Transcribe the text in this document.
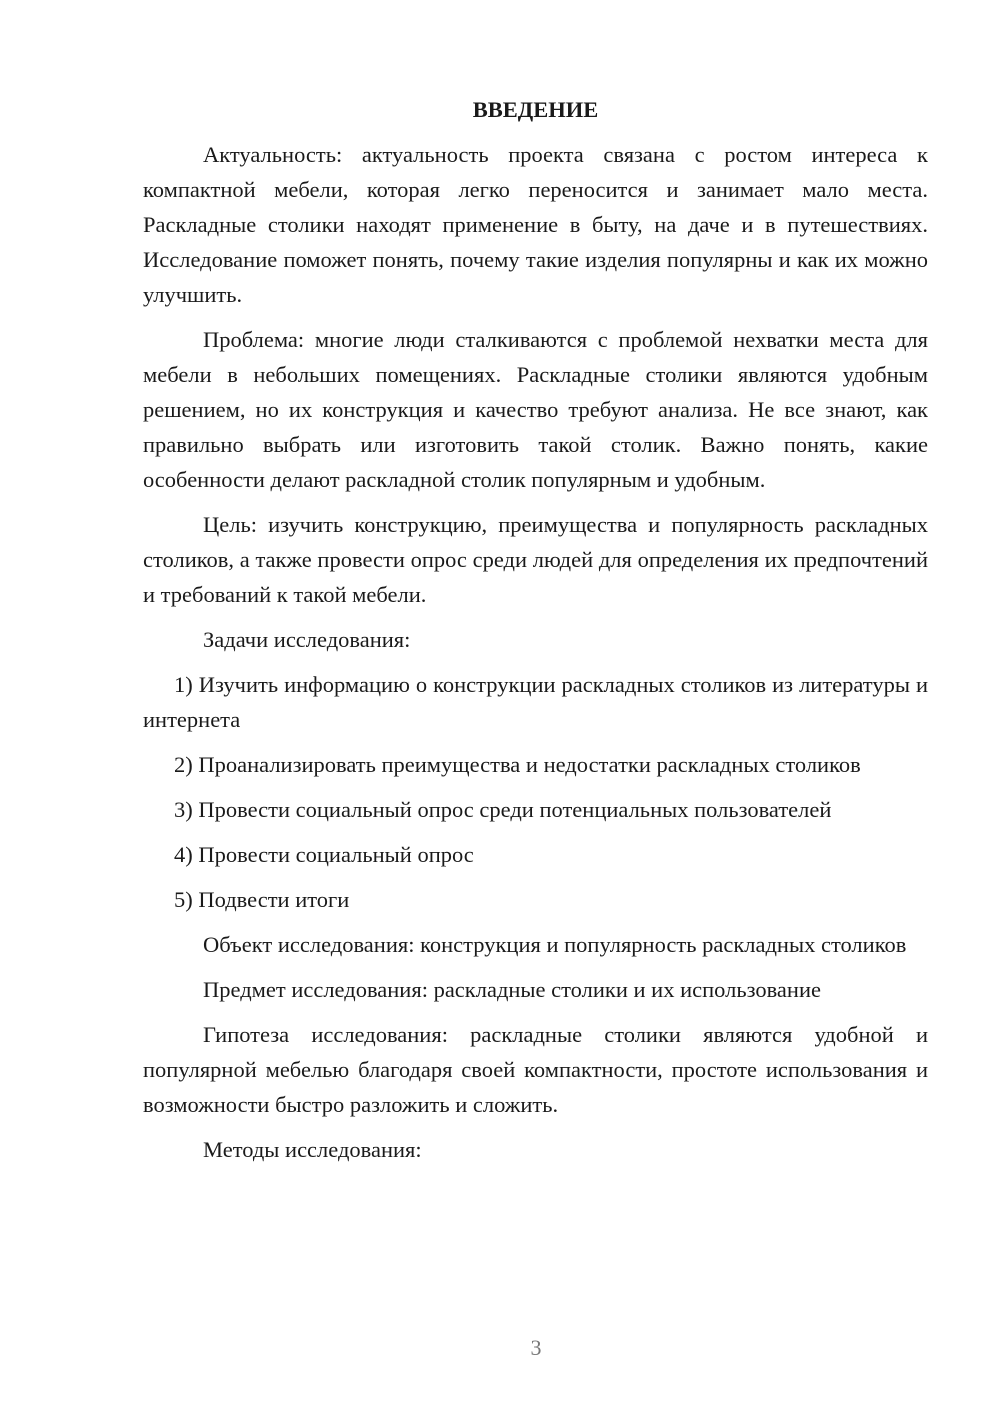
ВВЕДЕНИЕ

Актуальность: актуальность проекта связана с ростом интереса к компактной мебели, которая легко переносится и занимает мало места. Раскладные столики находят применение в быту, на даче и в путешествиях. Исследование поможет понять, почему такие изделия популярны и как их можно улучшить.

Проблема: многие люди сталкиваются с проблемой нехватки места для мебели в небольших помещениях. Раскладные столики являются удобным решением, но их конструкция и качество требуют анализа. Не все знают, как правильно выбрать или изготовить такой столик. Важно понять, какие особенности делают раскладной столик популярным и удобным.

Цель: изучить конструкцию, преимущества и популярность раскладных столиков, а также провести опрос среди людей для определения их предпочтений и требований к такой мебели.

Задачи исследования:

1) Изучить информацию о конструкции раскладных столиков из литературы и интернета

2) Проанализировать преимущества и недостатки раскладных столиков

3) Провести социальный опрос среди потенциальных пользователей

4) Провести социальный опрос

5) Подвести итоги

Объект исследования: конструкция и популярность раскладных столиков

Предмет исследования: раскладные столики и их использование

Гипотеза исследования: раскладные столики являются удобной и популярной мебелью благодаря своей компактности, простоте использования и возможности быстро разложить и сложить.

Методы исследования:

3
